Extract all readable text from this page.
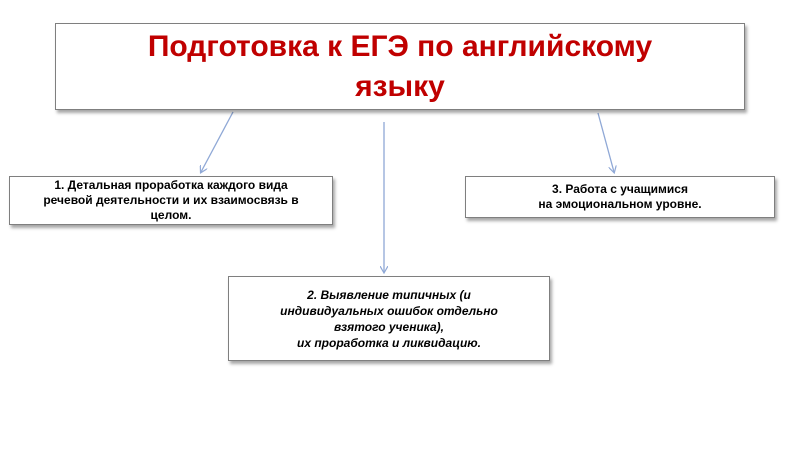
Подготовка к ЕГЭ по английскому
языку
1. Детальная проработка каждого вида
речевой деятельности и их взаимосвязь в
целом.
3. Работа с учащимися
на эмоциональном уровне.
2. Выявление типичных (и
индивидуальных ошибок отдельно
взятого ученика),
их проработка и ликвидацию.
